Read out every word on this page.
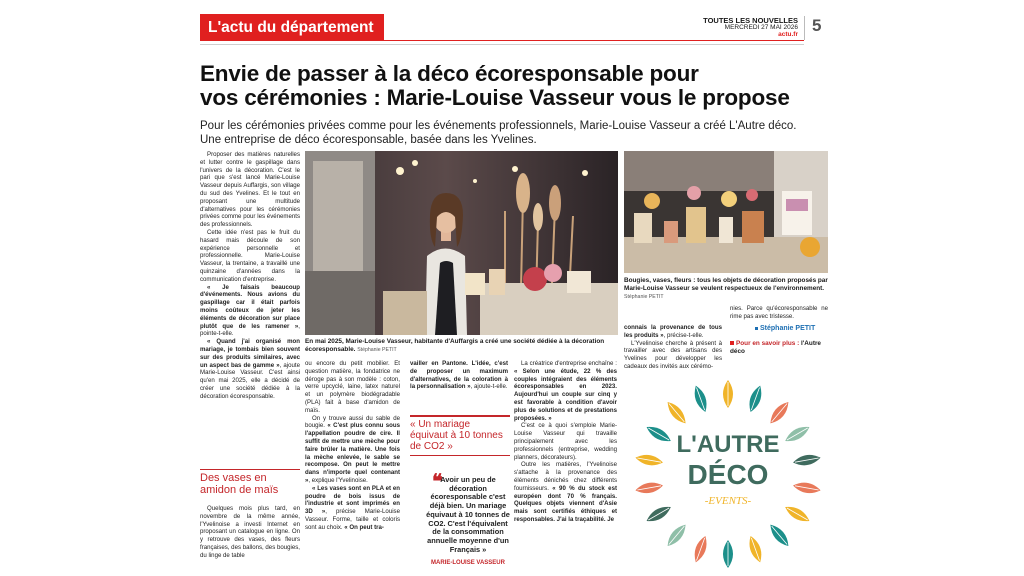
L'actu du département	TOUTES LES NOUVELLES
MERCREDI 27 MAI 2026
actu.fr 5
Envie de passer à la déco écoresponsable pour
vos cérémonies : Marie-Louise Vasseur vous le propose
Pour les cérémonies privées comme pour les événements professionnels, Marie-Louise Vasseur a créé L'Autre déco.
Une entreprise de déco écoresponsable, basée dans les Yvelines.

Proposer des matières naturelles et lutter contre le gaspillage dans l'univers de la décoration. C'est le pari que s'est lancé Marie-Louise Vasseur depuis Auffargis, son village du sud des Yvelines. Et le tout en proposant une multitude d'alternatives pour les cérémonies privées comme pour les événements des professionnels.

Cette idée n'est pas le fruit du hasard mais découle de son expérience personnelle et professionnelle. Marie-Louise Vasseur, la trentaine, a travaillé une quinzaine d'années dans la communication d'entreprise.

« Je faisais beaucoup d'événements. Nous avions du gaspillage car il était parfois moins coûteux de jeter les éléments de décoration sur place plutôt que de les ramener », pointe-t-elle.

« Quand j'ai organisé mon mariage, je tombais bien souvent sur des produits similaires, avec un aspect bas de gamme », ajoute Marie-Louise Vasseur. C'est ainsi qu'en mai 2025, elle a décidé de créer une société dédiée à la décoration écoresponsable.

Des vases en amidon de maïs

Quelques mois plus tard, en novembre de la même année, l'Yvelinoise a investi Internet en proposant un catalogue en ligne. On y retrouve des vases, des fleurs françaises, des ballons, des bougies, du linge de table

ou encore du petit mobilier. Et question matière, la fondatrice ne déroge pas à son modèle : coton, verre upcyclé, laine, latex naturel et un polymère biodégradable (PLA) fait à base d'amidon de maïs.

On y trouve aussi du sable de bougie. « C'est plus connu sous l'appellation poudre de cire. Il suffit de mettre une mèche pour faire brûler la matière. Une fois la mèche enlevée, le sable se recompose. On peut le mettre dans n'importe quel contenant », explique l'Yvelinoise.

« Les vases sont en PLA et en poudre de bois issus de l'industrie et sont imprimés en 3D », précise Marie-Louise Vasseur. Forme, taille et coloris sont au choix. « On peut tra-

vailler en Pantone. L'idée, c'est de proposer un maximum d'alternatives, de la coloration à la personnalisation », ajoute-t-elle.

« Un mariage équivaut à 10 tonnes de CO2 »
❝
Avoir un peu de décoration écoresponsable c'est déjà bien. Un mariage équivaut à 10 tonnes de CO2. C'est l'équivalent de la consommation annuelle moyenne d'un Français »
MARIE-LOUISE VASSEUR

La créatrice d'entreprise enchaîne : « Selon une étude, 22 % des couples intégraient des éléments écoresponsables en 2023. Aujourd'hui un couple sur cinq y est favorable à condition d'avoir plus de solutions et de prestations proposées. »

C'est ce à quoi s'emploie Marie-Louise Vasseur qui travaille principalement avec les professionnels (entreprise, wedding planners, décorateurs).

Outre les matières, l'Yvelinoise s'attache à la provenance des éléments dénichés chez différents fournisseurs. « 90 % du stock est européen dont 70 % français. Quelques objets viennent d'Asie mais sont certifiés éthiques et responsables. J'ai la traçabilité. Je

En mai 2025, Marie-Louise Vasseur, habitante d'Auffargis a créé une société dédiée à la décoration écoresponsable. Stéphanie PETIT
Bougies, vases, fleurs : tous les objets de décoration proposés par Marie-Louise Vasseur se veulent respectueux de l'environnement. Stéphanie PETIT

connais la provenance de tous les produits », précise-t-elle.

L'Yvelinoise cherche à présent à travailler avec des artisans des Yvelines pour développer les cadeaux des invités aux cérémo-

nies. Parce qu'écoresponsable ne rime pas avec tristesse.

Stéphanie PETIT
Pour en savoir plus : l'Autre déco
L'AUTRE
DÉCO
-EVENTS-
